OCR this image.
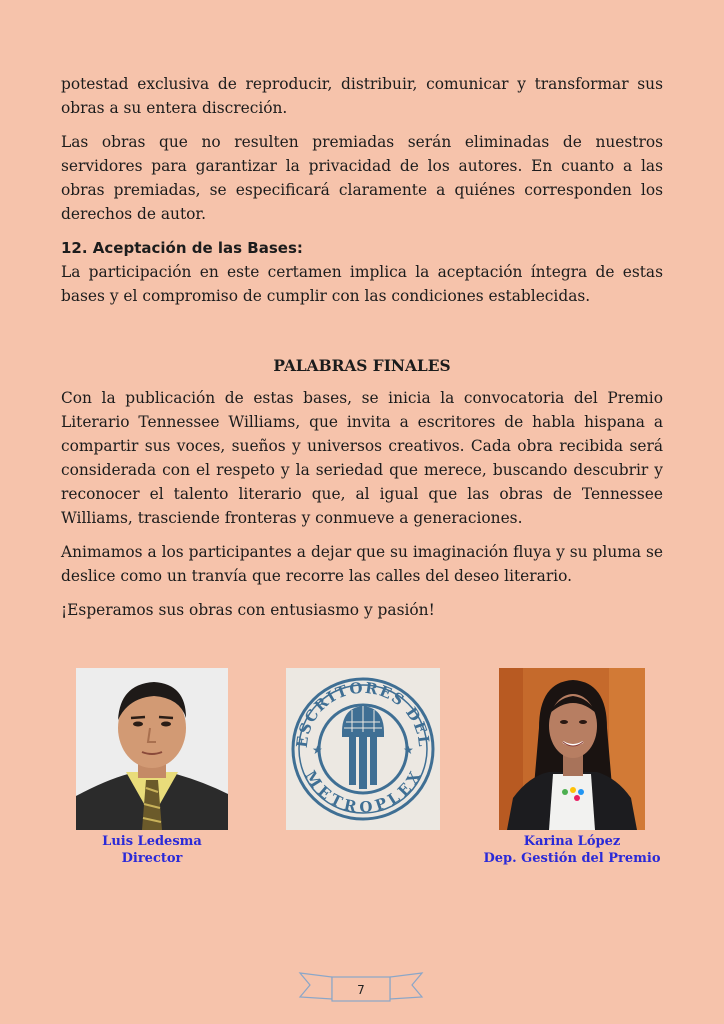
potestad exclusiva de reproducir, distribuir, comunicar y transformar sus obras a su entera discreción.

Las obras que no resulten premiadas serán eliminadas de nuestros servidores para garantizar la privacidad de los autores. En cuanto a las obras premiadas, se especificará claramente a quiénes corresponden los derechos de autor.

12. Aceptación de las Bases:

La participación en este certamen implica la aceptación íntegra de estas bases y el compromiso de cumplir con las condiciones establecidas.

PALABRAS FINALES

Con la publicación de estas bases, se inicia la convocatoria del Premio Literario Tennessee Williams, que invita a escritores de habla hispana a compartir sus voces, sueños y universos creativos. Cada obra recibida será considerada con el respeto y la seriedad que merece, buscando descubrir y reconocer el talento literario que, al igual que las obras de Tennessee Williams, trasciende fronteras y conmueve a generaciones.

Animamos a los participantes a dejar que su imaginación fluya y su pluma se deslice como un tranvía que recorre las calles del deseo literario.

¡Esperamos sus obras con entusiasmo y pasión!

Luis Ledesma
Director
ESCRITORES DEL
METROPLEX
★	★
Karina López
Dep. Gestión del Premio
7
